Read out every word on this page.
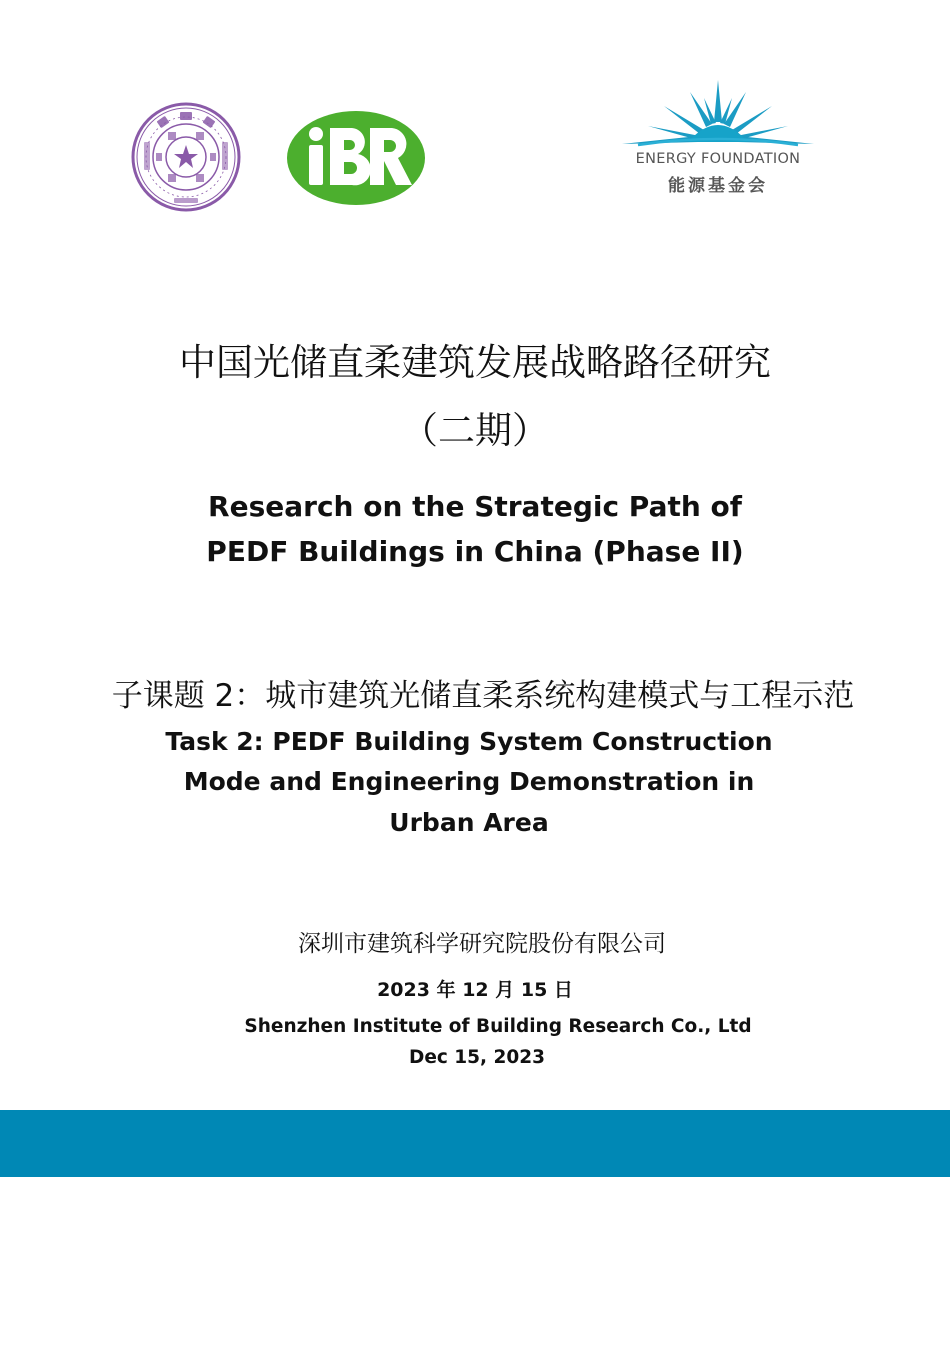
ENERGY FOUNDATION
能源基金会
中国光储直柔建筑发展战略路径研究
（二期）
Research on the Strategic Path of
PEDF Buildings in China (Phase II)
子课题 2：城市建筑光储直柔系统构建模式与工程示范
Task 2: PEDF Building System Construction
Mode and Engineering Demonstration in
Urban Area
深圳市建筑科学研究院股份有限公司
2023 年 12 月 15 日
Shenzhen Institute of Building Research Co., Ltd
Dec 15, 2023
